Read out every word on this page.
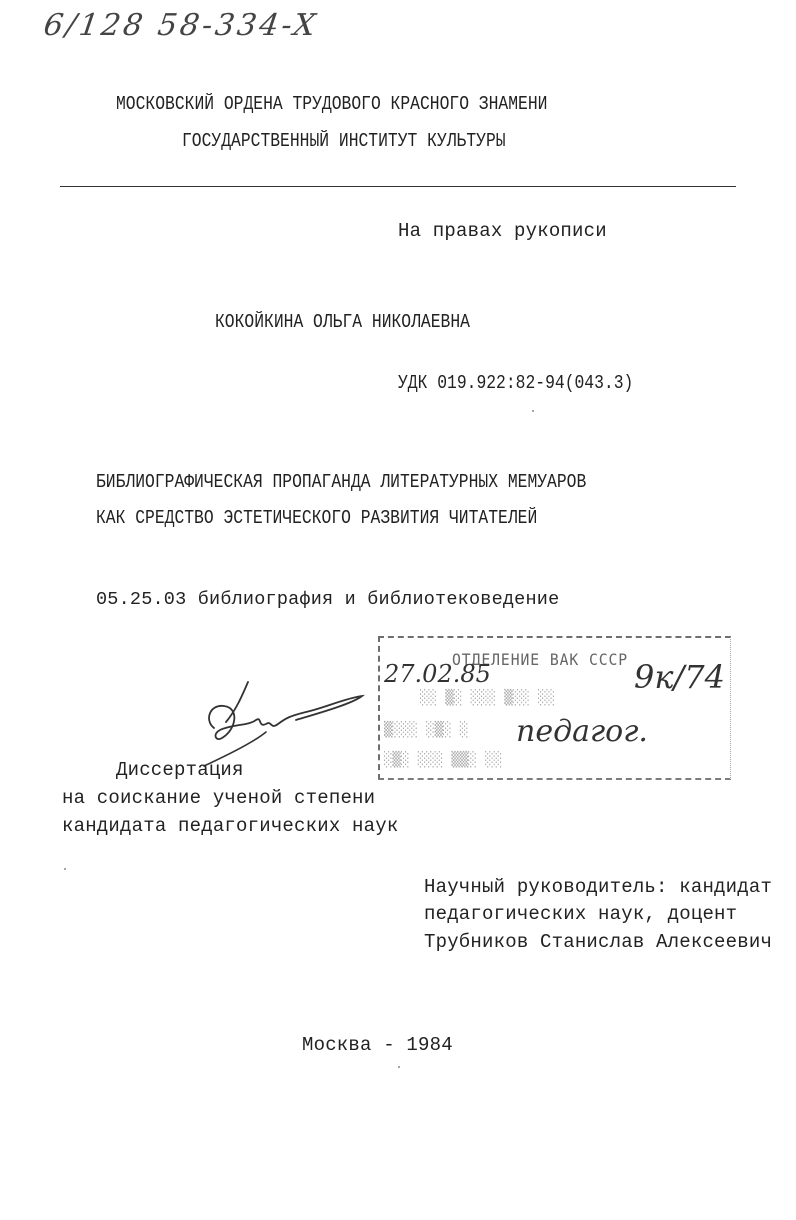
6/128 58-334-X
МОСКОВСКИЙ ОРДЕНА ТРУДОВОГО КРАСНОГО ЗНАМЕНИ
ГОСУДАРСТВЕННЫЙ ИНСТИТУТ КУЛЬТУРЫ
На правах рукописи
КОКОЙКИНА ОЛЬГА НИКОЛАЕВНА
УДК 019.922:82-94(043.3)
БИБЛИОГРАФИЧЕСКАЯ ПРОПАГАНДА ЛИТЕРАТУРНЫХ МЕМУАРОВ
КАК СРЕДСТВО ЭСТЕТИЧЕСКОГО РАЗВИТИЯ ЧИТАТЕЛЕЙ
05.25.03 библиография и библиотековедение
ОТДЕЛЕНИЕ ВАК СССР
░░ ▒░ ░░░ ▒░░ ░░
▒░░░ ░▒░ ░
░▒░ ░░░ ▒▒░ ░░
27.02.85	9к/74
педагог.
Диссертация
на соискание ученой степени
кандидата педагогических наук
Научный руководитель: кандидат
педагогических наук, доцент
Трубников Станислав Алексеевич
Москва - 1984
